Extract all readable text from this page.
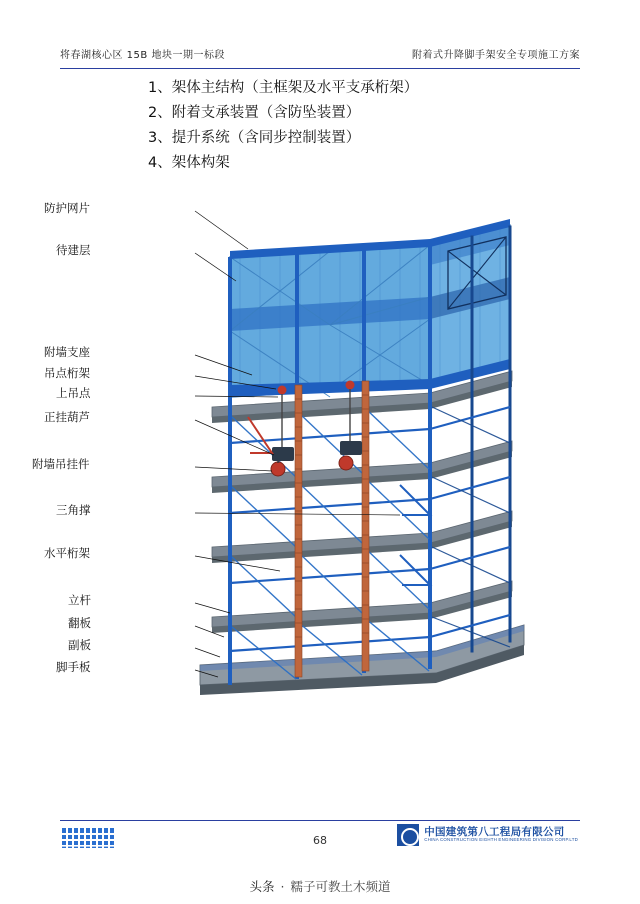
将春湖核心区 15B 地块一期一标段	附着式升降脚手架安全专项施工方案
1、架体主结构（主框架及水平支承桁架）
2、附着支承装置（含防坠装置）
3、提升系统（含同步控制装置）
4、架体构架
防护网片
待建层
附墙支座
吊点桁架
上吊点
正挂葫芦
附墙吊挂件
三角撑
水平桁架
立杆
翻板
副板
脚手板
68
中国建筑第八工程局有限公司
CHINA CONSTRUCTION EIGHTH ENGINEERING DIVISION CORP.LTD
头条 · 糯子可教土木频道
